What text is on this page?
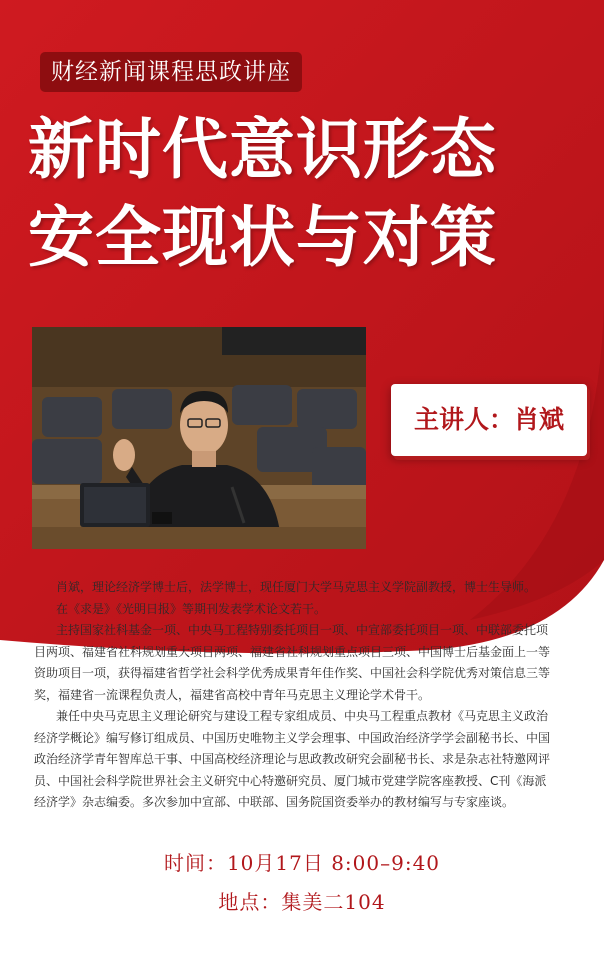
财经新闻课程思政讲座
新时代意识形态
安全现状与对策
主讲人：肖斌
肖斌，理论经济学博士后，法学博士，现任厦门大学马克思主义学院副教授，博士生导师。
在《求是》《光明日报》等期刊发表学术论文若干。
主持国家社科基金一项、中央马工程特别委托项目一项、中宣部委托项目一项、中联部委托项
目两项、福建省社科规划重大项目两项、福建省社科规划重点项目三项、中国博士后基金面上一等
资助项目一项，获得福建省哲学社会科学优秀成果青年佳作奖、中国社会科学院优秀对策信息三等
奖，福建省一流课程负责人，福建省高校中青年马克思主义理论学术骨干。
兼任中央马克思主义理论研究与建设工程专家组成员、中央马工程重点教材《马克思主义政治
经济学概论》编写修订组成员、中国历史唯物主义学会理事、中国政治经济学学会副秘书长、中国
政治经济学青年智库总干事、中国高校经济理论与思政教改研究会副秘书长、求是杂志社特邀网评
员、中国社会科学院世界社会主义研究中心特邀研究员、厦门城市党建学院客座教授、C刊《海派
经济学》杂志编委。多次参加中宣部、中联部、国务院国资委举办的教材编写与专家座谈。
时间：10月17日 8:00–9:40
地点：集美二104
